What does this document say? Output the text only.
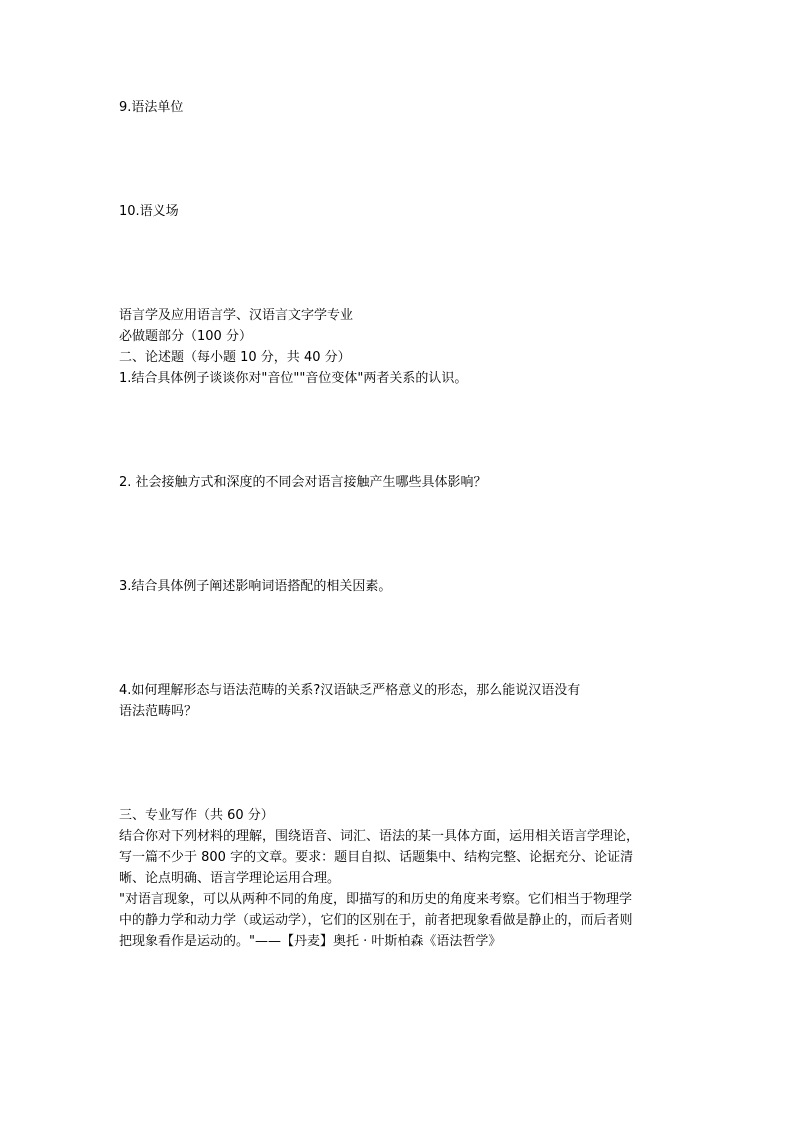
9.语法单位
10.语义场
语言学及应用语言学、汉语言文字学专业
必做题部分（100 分）
二、论述题（每小题 10 分，共 40 分）
1.结合具体例子谈谈你对"音位""音位变体"两者关系的认识。
2. 社会接触方式和深度的不同会对语言接触产生哪些具体影响？
3.结合具体例子阐述影响词语搭配的相关因素。
4.如何理解形态与语法范畴的关系?汉语缺乏严格意义的形态，那么能说汉语没有
语法范畴吗？
三、专业写作（共 60 分）
结合你对下列材料的理解，围绕语音、词汇、语法的某一具体方面，运用相关语言学理论，
写一篇不少于 800 字的文章。要求：题目自拟、话题集中、结构完整、论据充分、论证清
晰、论点明确、语言学理论运用合理。
"对语言现象，可以从两种不同的角度，即描写的和历史的角度来考察。它们相当于物理学
中的静力学和动力学（或运动学），它们的区别在于，前者把现象看做是静止的，而后者则
把现象看作是运动的。"——【丹麦】奥托 · 叶斯柏森《语法哲学》
